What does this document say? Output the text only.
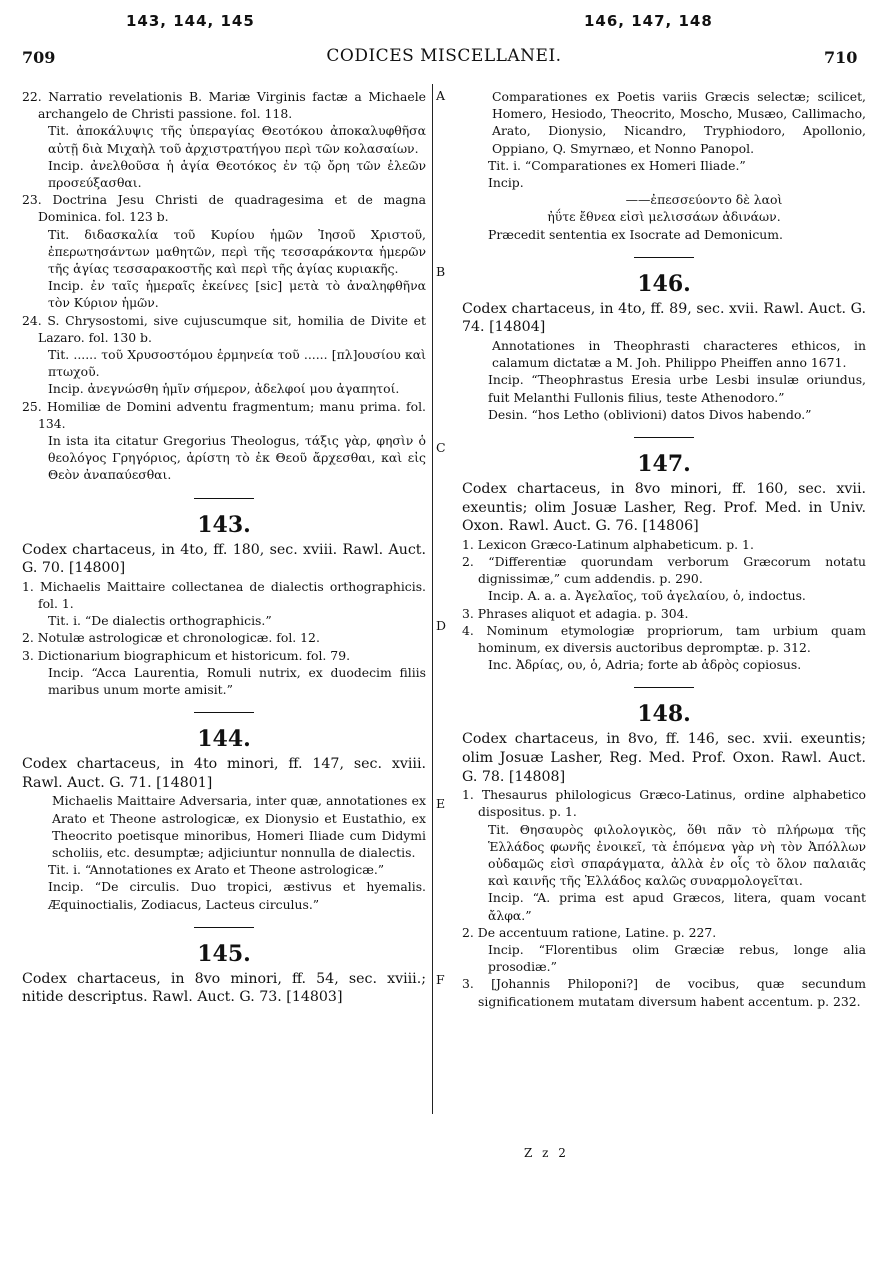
143, 144, 145	146, 147, 148
709	CODICES MISCELLANEI.	710
A
B
C
D
E
F

22. Narratio revelationis B. Mariæ Virginis factæ a Michaele archangelo de Christi passione. fol. 118.

Tit. ἀποκάλυψις τῆς ὑπεραγίας Θεοτόκου ἀποκαλυφθῆσα αὐτῇ διὰ Μιχαὴλ τοῦ ἀρχιστρατήγου περὶ τῶν κολασαίων.

Incip. ἀνελθοῦσα ἡ ἁγία Θεοτόκος ἐν τῷ ὄρη τῶν ἐλεῶν προσεύξασθαι.

23. Doctrina Jesu Christi de quadragesima et de magna Dominica. fol. 123 b.

Tit. διδασκαλία τοῦ Κυρίου ἡμῶν Ἰησοῦ Χριστοῦ, ἐπερωτησάντων μαθητῶν, περὶ τῆς τεσσαράκοντα ἡμερῶν τῆς ἁγίας τεσσαρακοστῆς καὶ περὶ τῆς ἁγίας κυριακῆς.

Incip. ἐν ταῖς ἡμεραῖς ἐκείνες [sic] μετὰ τὸ ἀναληφθῆνα τὸν Κύριον ἡμῶν.

24. S. Chrysostomi, sive cujuscumque sit, homilia de Divite et Lazaro. fol. 130 b.

Tit. ...... τοῦ Χρυσοστόμου ἑρμηνεία τοῦ ...... [πλ]ουσίου καὶ πτωχοῦ.

Incip. ἀνεγνώσθη ἡμῖν σήμερον, ἀδελφοί μου ἀγαπητοί.

25. Homiliæ de Domini adventu fragmentum; manu prima. fol. 134.

In ista ita citatur Gregorius Theologus, τάξις γὰρ, φησὶν ὁ θεολόγος Γρηγόριος, ἀρίστη τὸ ἐκ Θεοῦ ἄρχεσθαι, καὶ εἰς Θεὸν ἀναπαύεσθαι.

143.

Codex chartaceus, in 4to, ff. 180, sec. xviii. Rawl. Auct. G. 70. [14800]

1. Michaelis Maittaire collectanea de dialectis orthographicis. fol. 1.

Tit. i. “De dialectis orthographicis.”

2. Notulæ astrologicæ et chronologicæ. fol. 12.

3. Dictionarium biographicum et historicum. fol. 79.

Incip. “Acca Laurentia, Romuli nutrix, ex duodecim filiis maribus unum morte amisit.”

144.

Codex chartaceus, in 4to minori, ff. 147, sec. xviii. Rawl. Auct. G. 71. [14801]

Michaelis Maittaire Adversaria, inter quæ, annotationes ex Arato et Theone astrologicæ, ex Dionysio et Eustathio, ex Theocrito poetisque minoribus, Homeri Iliade cum Didymi scholiis, etc. desumptæ; adjiciuntur nonnulla de dialectis.

Tit. i. “Annotationes ex Arato et Theone astrologicæ.”

Incip. “De circulis. Duo tropici, æstivus et hyemalis. Æquinoctialis, Zodiacus, Lacteus circulus.”

145.

Codex chartaceus, in 8vo minori, ff. 54, sec. xviii.; nitide descriptus. Rawl. Auct. G. 73. [14803]

Comparationes ex Poetis variis Græcis selectæ; scilicet, Homero, Hesiodo, Theocrito, Moscho, Musæo, Callimacho, Arato, Dionysio, Nicandro, Tryphiodoro, Apollonio, Oppiano, Q. Smyrnæo, et Nonno Panopol.

Tit. i. “Comparationes ex Homeri Iliade.”

Incip.

——ἐπεσσεύοντο δὲ λαοὶ

ἠΰτε ἔθνεα εἰσὶ μελισσάων ἀδινάων.

Præcedit sententia ex Isocrate ad Demonicum.

146.

Codex chartaceus, in 4to, ff. 89, sec. xvii. Rawl. Auct. G. 74. [14804]

Annotationes in Theophrasti characteres ethicos, in calamum dictatæ a M. Joh. Philippo Pheiffen anno 1671.

Incip. “Theophrastus Eresia urbe Lesbi insulæ oriundus, fuit Melanthi Fullonis filius, teste Athenodoro.”

Desin. “hos Letho (oblivioni) datos Divos habendo.”

147.

Codex chartaceus, in 8vo minori, ff. 160, sec. xvii. exeuntis; olim Josuæ Lasher, Reg. Prof. Med. in Univ. Oxon. Rawl. Auct. G. 76. [14806]

1. Lexicon Græco-Latinum alphabeticum. p. 1.

2. “Differentiæ quorundam verborum Græcorum notatu dignissimæ,” cum addendis. p. 290.

Incip. A. a. a. Ἀγελαῖος, τοῦ ἀγελαίου, ὁ, indoctus.

3. Phrases aliquot et adagia. p. 304.

4. Nominum etymologiæ propriorum, tam urbium quam hominum, ex diversis auctoribus depromptæ. p. 312.

Inc. Ἀδρίας, ου, ὁ, Adria; forte ab ἁδρὸς copiosus.

148.

Codex chartaceus, in 8vo, ff. 146, sec. xvii. exeuntis; olim Josuæ Lasher, Reg. Med. Prof. Oxon. Rawl. Auct. G. 78. [14808]

1. Thesaurus philologicus Græco-Latinus, ordine alphabetico dispositus. p. 1.

Tit. Θησαυρὸς φιλολογικὸς, ὅθι πᾶν τὸ πλήρωμα τῆς Ἑλλάδος φωνῆς ἐνοικεῖ, τὰ ἑπόμενα γὰρ νὴ τὸν Ἀπόλλων οὐδαμῶς εἰσὶ σπαράγματα, ἀλλὰ ἐν οἷς τὸ ὅλον παλαιᾶς καὶ καινῆς τῆς Ἑλλάδος καλῶς συναρμολογεῖται.

Incip. “A. prima est apud Græcos, litera, quam vocant ἄλφα.”

2. De accentuum ratione, Latine. p. 227.

Incip. “Florentibus olim Græciæ rebus, longe alia prosodiæ.”

3. [Johannis Philoponi?] de vocibus, quæ secundum significationem mutatam diversum habent accentum. p. 232.

Z z 2
